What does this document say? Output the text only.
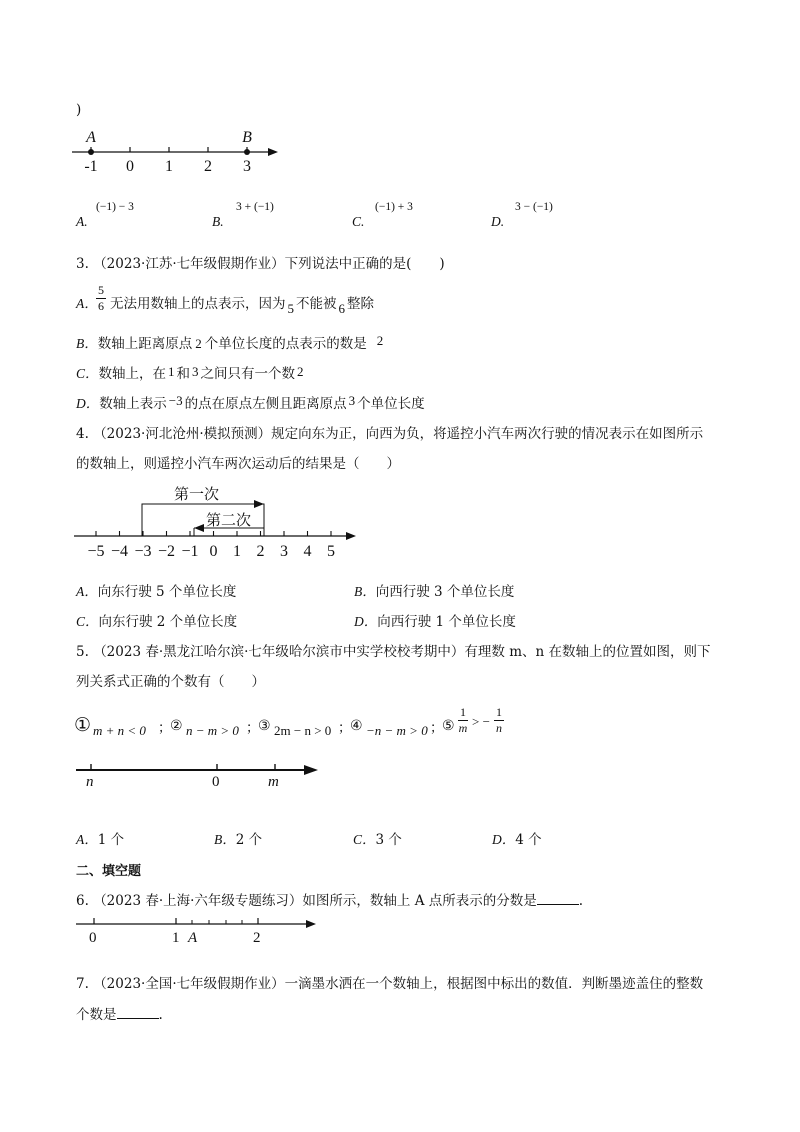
)
-1 0 1 2 3
A	B
A.
(−1) − 3
B.
3 + (−1)
C.
(−1) + 3
D.
3 − (−1)
3. （2023·江苏·七年级假期作业）下列说法中正确的是( )
A．
5
6 无法用数轴上的点表示，因为 5 不能被 6 整除
B．数轴上距离原点 2 个单位长度的点表示的数是 2
C．数轴上，在 1 和 3 之间只有一个数 2
D．数轴上表示 −3 的点在原点左侧且距离原点 3 个单位长度
4. （2023·河北沧州·模拟预测）规定向东为正，向西为负，将遥控小汽车两次行驶的情况表示在如图所示
的数轴上，则遥控小汽车两次运动后的结果是（　　）
第一次
第二次
−5 −4 −3 −2 −1 0 1 2 3 4 5
A．向东行驶 5 个单位长度	B．向西行驶 3 个单位长度
C．向东行驶 2 个单位长度	D．向西行驶 1 个单位长度
5. （2023 春·黑龙江哈尔滨·七年级哈尔滨市中实学校校考期中）有理数 m、n 在数轴上的位置如图，则下
列关系式正确的个数有（　　）
① m + n < 0 ；
② n − m > 0 ；
③ 2m − n > 0 ；
④ −n − m > 0 ；
⑤
1
m > −
1
n
n	0	m
A．1 个	B．2 个	C．3 个	D．4 个
二、填空题
6. （2023 春·上海·六年级专题练习）如图所示，数轴上 A 点所表示的分数是	.
0	1 A	2
7. （2023·全国·七年级假期作业）一滴墨水洒在一个数轴上，根据图中标出的数值．判断墨迹盖住的整数
个数是	.
